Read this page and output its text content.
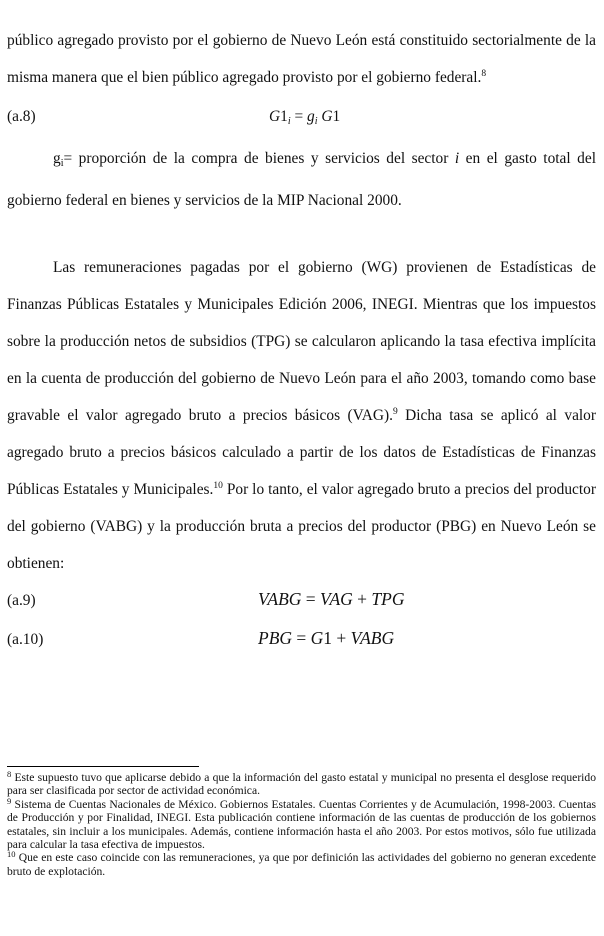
público agregado provisto por el gobierno de Nuevo León está constituido sectorialmente de la misma manera que el bien público agregado provisto por el gobierno federal.$^8$

(a.8)	$G1_i = g_i$ G1

$g_i=$ proporción de la compra de bienes y servicios del sector i en el gasto total del gobierno federal en bienes y servicios de la MIP Nacional 2000.

Las remuneraciones pagadas por el gobierno (WG) provienen de Estadísticas de Finanzas Públicas Estatales y Municipales Edición 2006, INEGI. Mientras que los impuestos sobre la producción netos de subsidios (TPG) se calcularon aplicando la tasa efectiva implícita en la cuenta de producción del gobierno de Nuevo León para el año 2003, tomando como base gravable el valor agregado bruto a precios básicos (VAG).$^9$ Dicha tasa se aplicó al valor agregado bruto a precios básicos calculado a partir de los datos de Estadísticas de Finanzas Públicas Estatales y Municipales.$^{10}$ Por lo tanto, el valor agregado bruto a precios del productor del gobierno (VABG) y la producción bruta a precios del productor (PBG) en Nuevo León se obtienen:

(a.9)	VABG = VAG + TPG
(a.10)	PBG = G1 + VABG

$^8$ Este supuesto tuvo que aplicarse debido a que la información del gasto estatal y municipal no presenta el desglose requerido para ser clasificada por sector de actividad económica.

$^9$ Sistema de Cuentas Nacionales de México. Gobiernos Estatales. Cuentas Corrientes y de Acumulación, 1998-2003. Cuentas de Producción y por Finalidad, INEGI. Esta publicación contiene información de las cuentas de producción de los gobiernos estatales, sin incluir a los municipales. Además, contiene información hasta el año 2003. Por estos motivos, sólo fue utilizada para calcular la tasa efectiva de impuestos.

$^{10}$ Que en este caso coincide con las remuneraciones, ya que por definición las actividades del gobierno no generan excedente bruto de explotación.
